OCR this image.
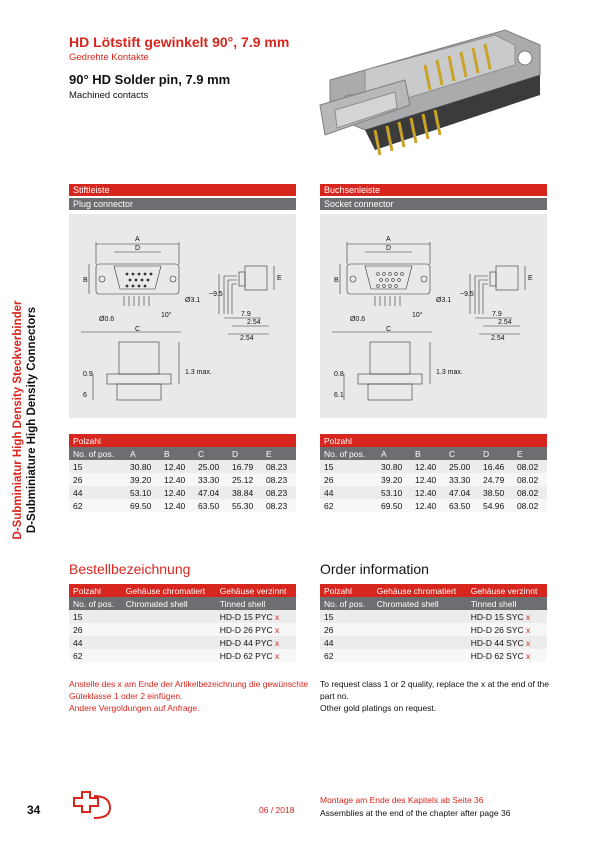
HD Lötstift gewinkelt 90°, 7.9 mm
Gedrehte Kontakte
90° HD Solder pin, 7.9 mm
Machined contacts
D-Subminiatur High Density Steckverbinder D-Subminiature High Density Connectors
Stiftleiste
Plug connector
A
D
B	E
Ø3.1
Ø0.6
10°
~9.5
7.9
2.54
2.54
C
0.9
6
1.3 max.
Buchsenleiste
Socket connector
A
D
B	E
Ø3.1
Ø0.6
10°
~9.5
7.9
2.54
2.54
C
0.8
6.1
1.3 max.
Polzahl					
No. of pos.	A	B	C	D	E
15	30.80	12.40	25.00	16.79	08.23
26	39.20	12.40	33.30	25.12	08.23
44	53.10	12.40	47.04	38.84	08.23
62	69.50	12.40	63.50	55.30	08.23
Polzahl					
No. of pos.	A	B	C	D	E
15	30.80	12.40	25.00	16.46	08.02
26	39.20	12.40	33.30	24.79	08.02
44	53.10	12.40	47.04	38.50	08.02
62	69.50	12.40	63.50	54.96	08.02
Bestellbezeichnung
Polzahl	Gehäuse chromatiert	Gehäuse verzinnt
No. of pos.	Chromated shell	Tinned shell
15		HD-D 15 PYC x
26		HD-D 26 PYC x
44		HD-D 44 PYC x
62		HD-D 62 PYC x
Anstelle des x am Ende der Artikelbezeichnung die gewünschte
Güteklasse 1 oder 2 einfügen.
Andere Vergoldungen auf Anfrage.
Order information
Polzahl	Gehäuse chromatiert	Gehäuse verzinnt
No. of pos.	Chromated shell	Tinned shell
15		HD-D 15 SYC x
26		HD-D 26 SYC x
44		HD-D 44 SYC x
62		HD-D 62 SYC x
To request class 1 or 2 quality, replace the x at the end of the
part no.
Other gold platings on request.
34	06 / 2018
Montage am Ende des Kapitels ab Seite 36
Assemblies at the end of the chapter after page 36
